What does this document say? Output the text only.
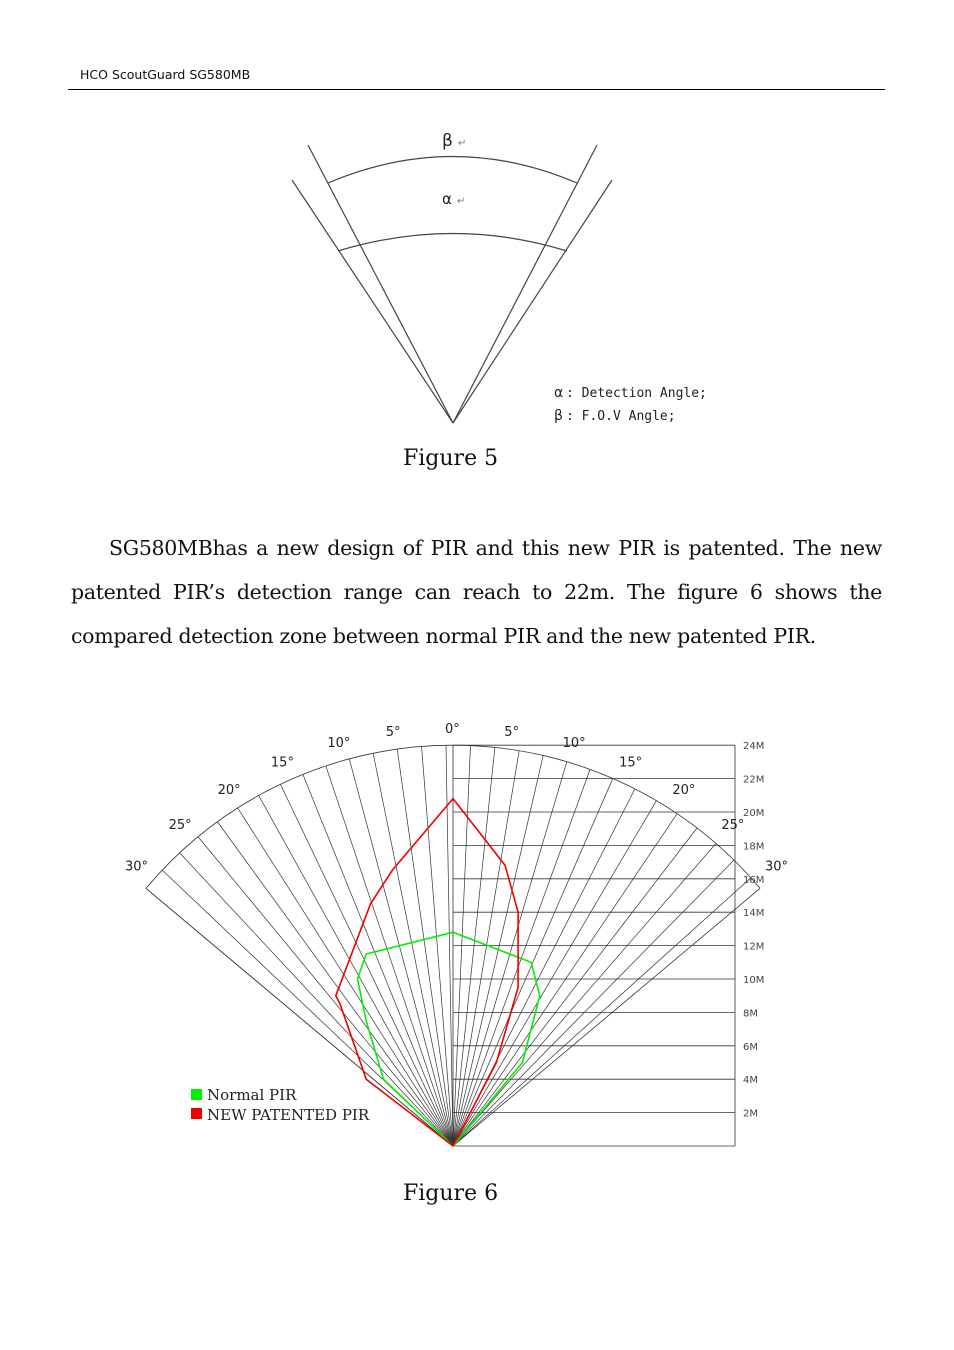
HCO ScoutGuard SG580MB
β ↵
α ↵
α : Detection Angle;
β : F.O.V Angle;
Figure 5
SG580MBhas a new design of PIR and this new PIR is patented. The new patented PIR’s detection range can reach to 22m. The figure 6 shows the compared detection zone between normal PIR and the new patented PIR.
24M
22M
20M
18M
16M
14M
12M
10M
8M
6M
4M
2M
0°
5°	5°
10°	10°
15°	15°
20°	20°
25°	25°
30°	30°
Normal PIR
NEW PATENTED PIR
Figure 6
